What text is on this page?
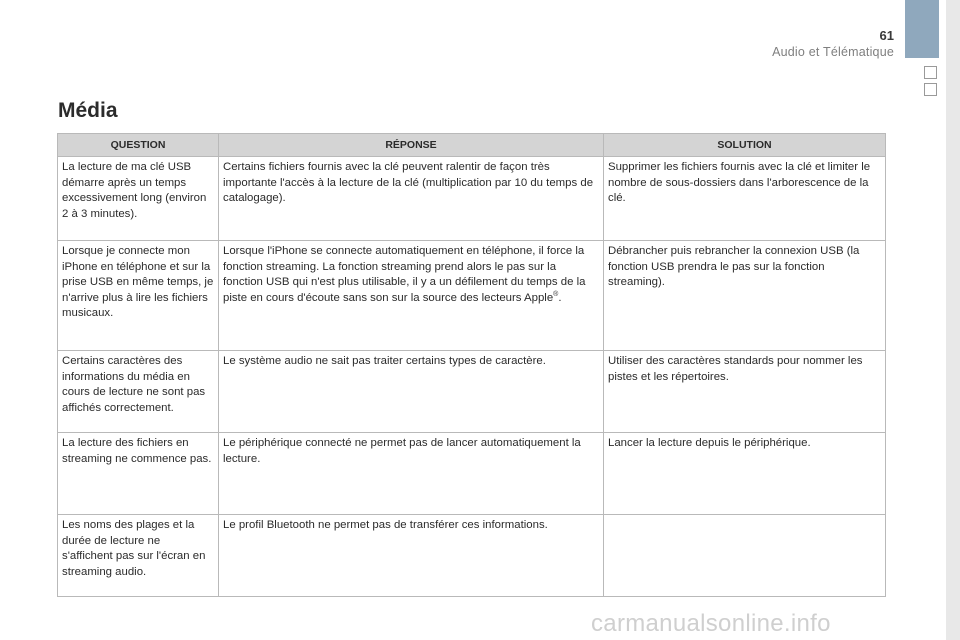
61
Audio et Télématique
Média
QUESTION	RÉPONSE	SOLUTION
La lecture de ma clé USB démarre après un temps excessivement long (environ 2 à 3 minutes).	Certains fichiers fournis avec la clé peuvent ralentir de façon très importante l'accès à la lecture de la clé (multiplication par 10 du temps de catalogage).	Supprimer les fichiers fournis avec la clé et limiter le nombre de sous-dossiers dans l'arborescence de la clé.
Lorsque je connecte mon iPhone en téléphone et sur la prise USB en même temps, je n'arrive plus à lire les fichiers musicaux.	Lorsque l'iPhone se connecte automatiquement en téléphone, il force la fonction streaming. La fonction streaming prend alors le pas sur la fonction USB qui n'est plus utilisable, il y a un défilement du temps de la piste en cours d'écoute sans son sur la source des lecteurs Apple®.	Débrancher puis rebrancher la connexion USB (la fonction USB prendra le pas sur la fonction streaming).
Certains caractères des informations du média en cours de lecture ne sont pas affichés correctement.	Le système audio ne sait pas traiter certains types de caractère.	Utiliser des caractères standards pour nommer les pistes et les répertoires.
La lecture des fichiers en streaming ne commence pas.	Le périphérique connecté ne permet pas de lancer automatiquement la lecture.	Lancer la lecture depuis le périphérique.
Les noms des plages et la durée de lecture ne s'affichent pas sur l'écran en streaming audio.	Le profil Bluetooth ne permet pas de transférer ces informations.	
carmanualsonline.info
